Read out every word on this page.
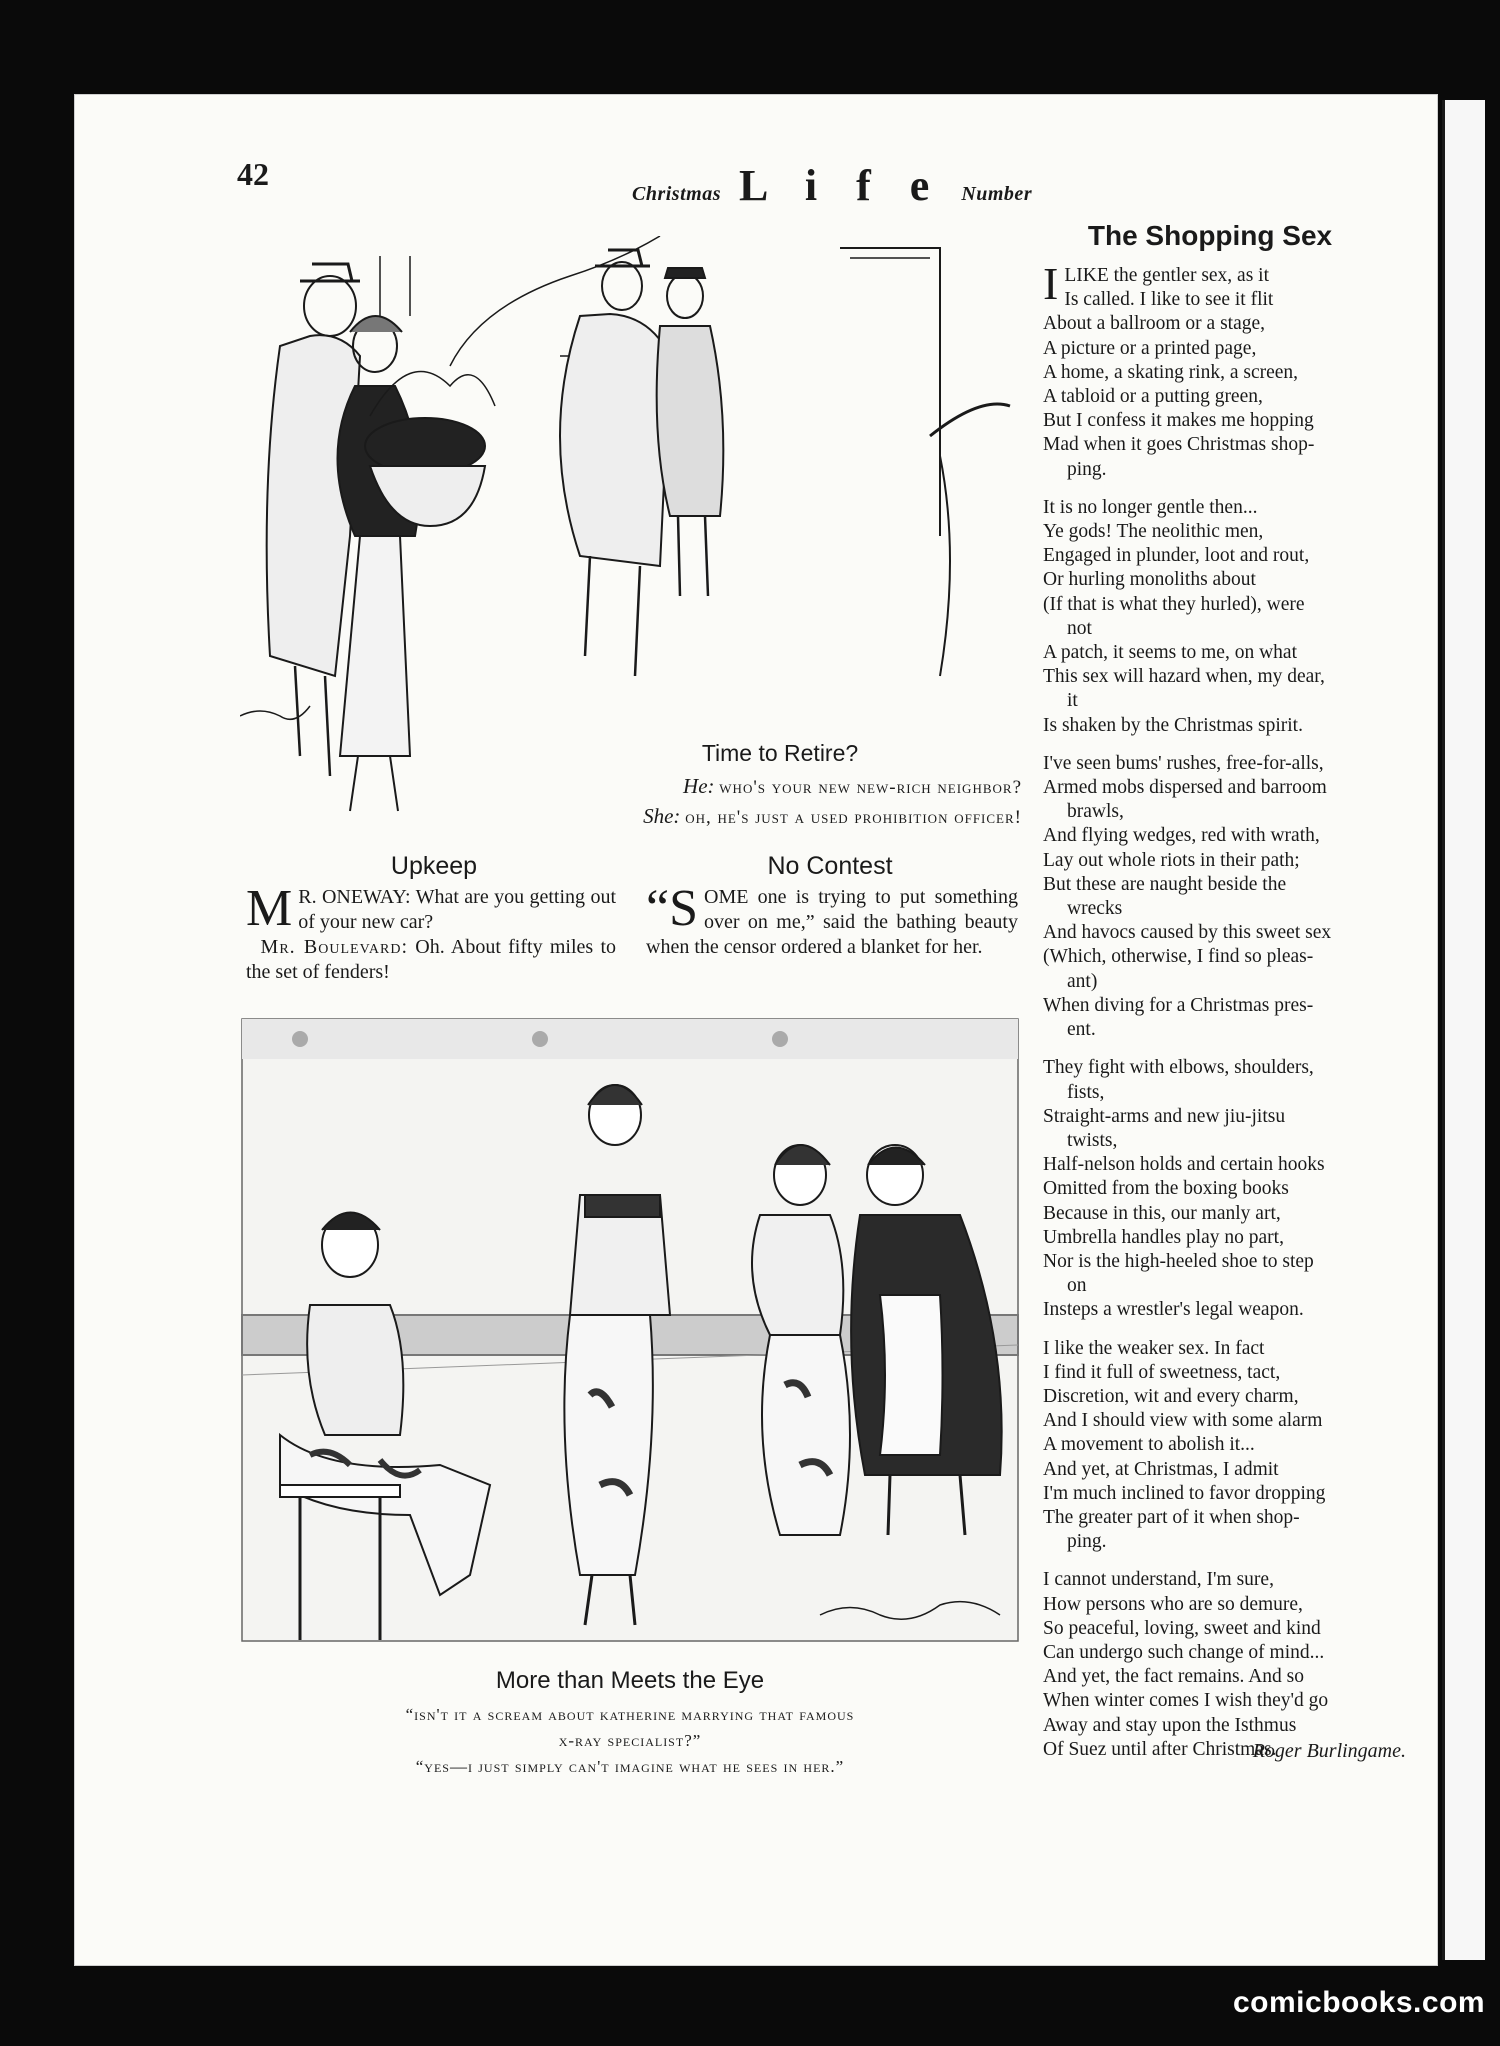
42
Christmas L i f e Number
Time to Retire?
He: who's your new new-rich neighbor?
She: oh, he's just a used prohibition officer!
Upkeep
M R. ONEWAY: What are you getting out of your new car?
Mr. Boulevard: Oh. About fifty miles to the set of fenders!
No Contest
“SOME one is trying to put something over on me,” said the bathing beauty when the censor ordered a blanket for her.
More than Meets the Eye
“isn't it a scream about katherine marrying that famous
x-ray specialist?”
“yes—i just simply can't imagine what he sees in her.”
The Shopping Sex
I LIKE the gentler sex, as it
Is called. I like to see it flit
About a ballroom or a stage,
A picture or a printed page,
A home, a skating rink, a screen,
A tabloid or a putting green,
But I confess it makes me hopping
Mad when it goes Christmas shop-
ping.
It is no longer gentle then...
Ye gods! The neolithic men,
Engaged in plunder, loot and rout,
Or hurling monoliths about
(If that is what they hurled), were
not
A patch, it seems to me, on what
This sex will hazard when, my dear,
it
Is shaken by the Christmas spirit.
I've seen bums' rushes, free-for-alls,
Armed mobs dispersed and barroom
brawls,
And flying wedges, red with wrath,
Lay out whole riots in their path;
But these are naught beside the
wrecks
And havocs caused by this sweet sex
(Which, otherwise, I find so pleas-
ant)
When diving for a Christmas pres-
ent.
They fight with elbows, shoulders,
fists,
Straight-arms and new jiu-jitsu
twists,
Half-nelson holds and certain hooks
Omitted from the boxing books
Because in this, our manly art,
Umbrella handles play no part,
Nor is the high-heeled shoe to step
on
Insteps a wrestler's legal weapon.
I like the weaker sex. In fact
I find it full of sweetness, tact,
Discretion, wit and every charm,
And I should view with some alarm
A movement to abolish it...
And yet, at Christmas, I admit
I'm much inclined to favor dropping
The greater part of it when shop-
ping.
I cannot understand, I'm sure,
How persons who are so demure,
So peaceful, loving, sweet and kind
Can undergo such change of mind...
And yet, the fact remains. And so
When winter comes I wish they'd go
Away and stay upon the Isthmus
Of Suez until after Christmas.
Roger Burlingame.
comicbooks.com
